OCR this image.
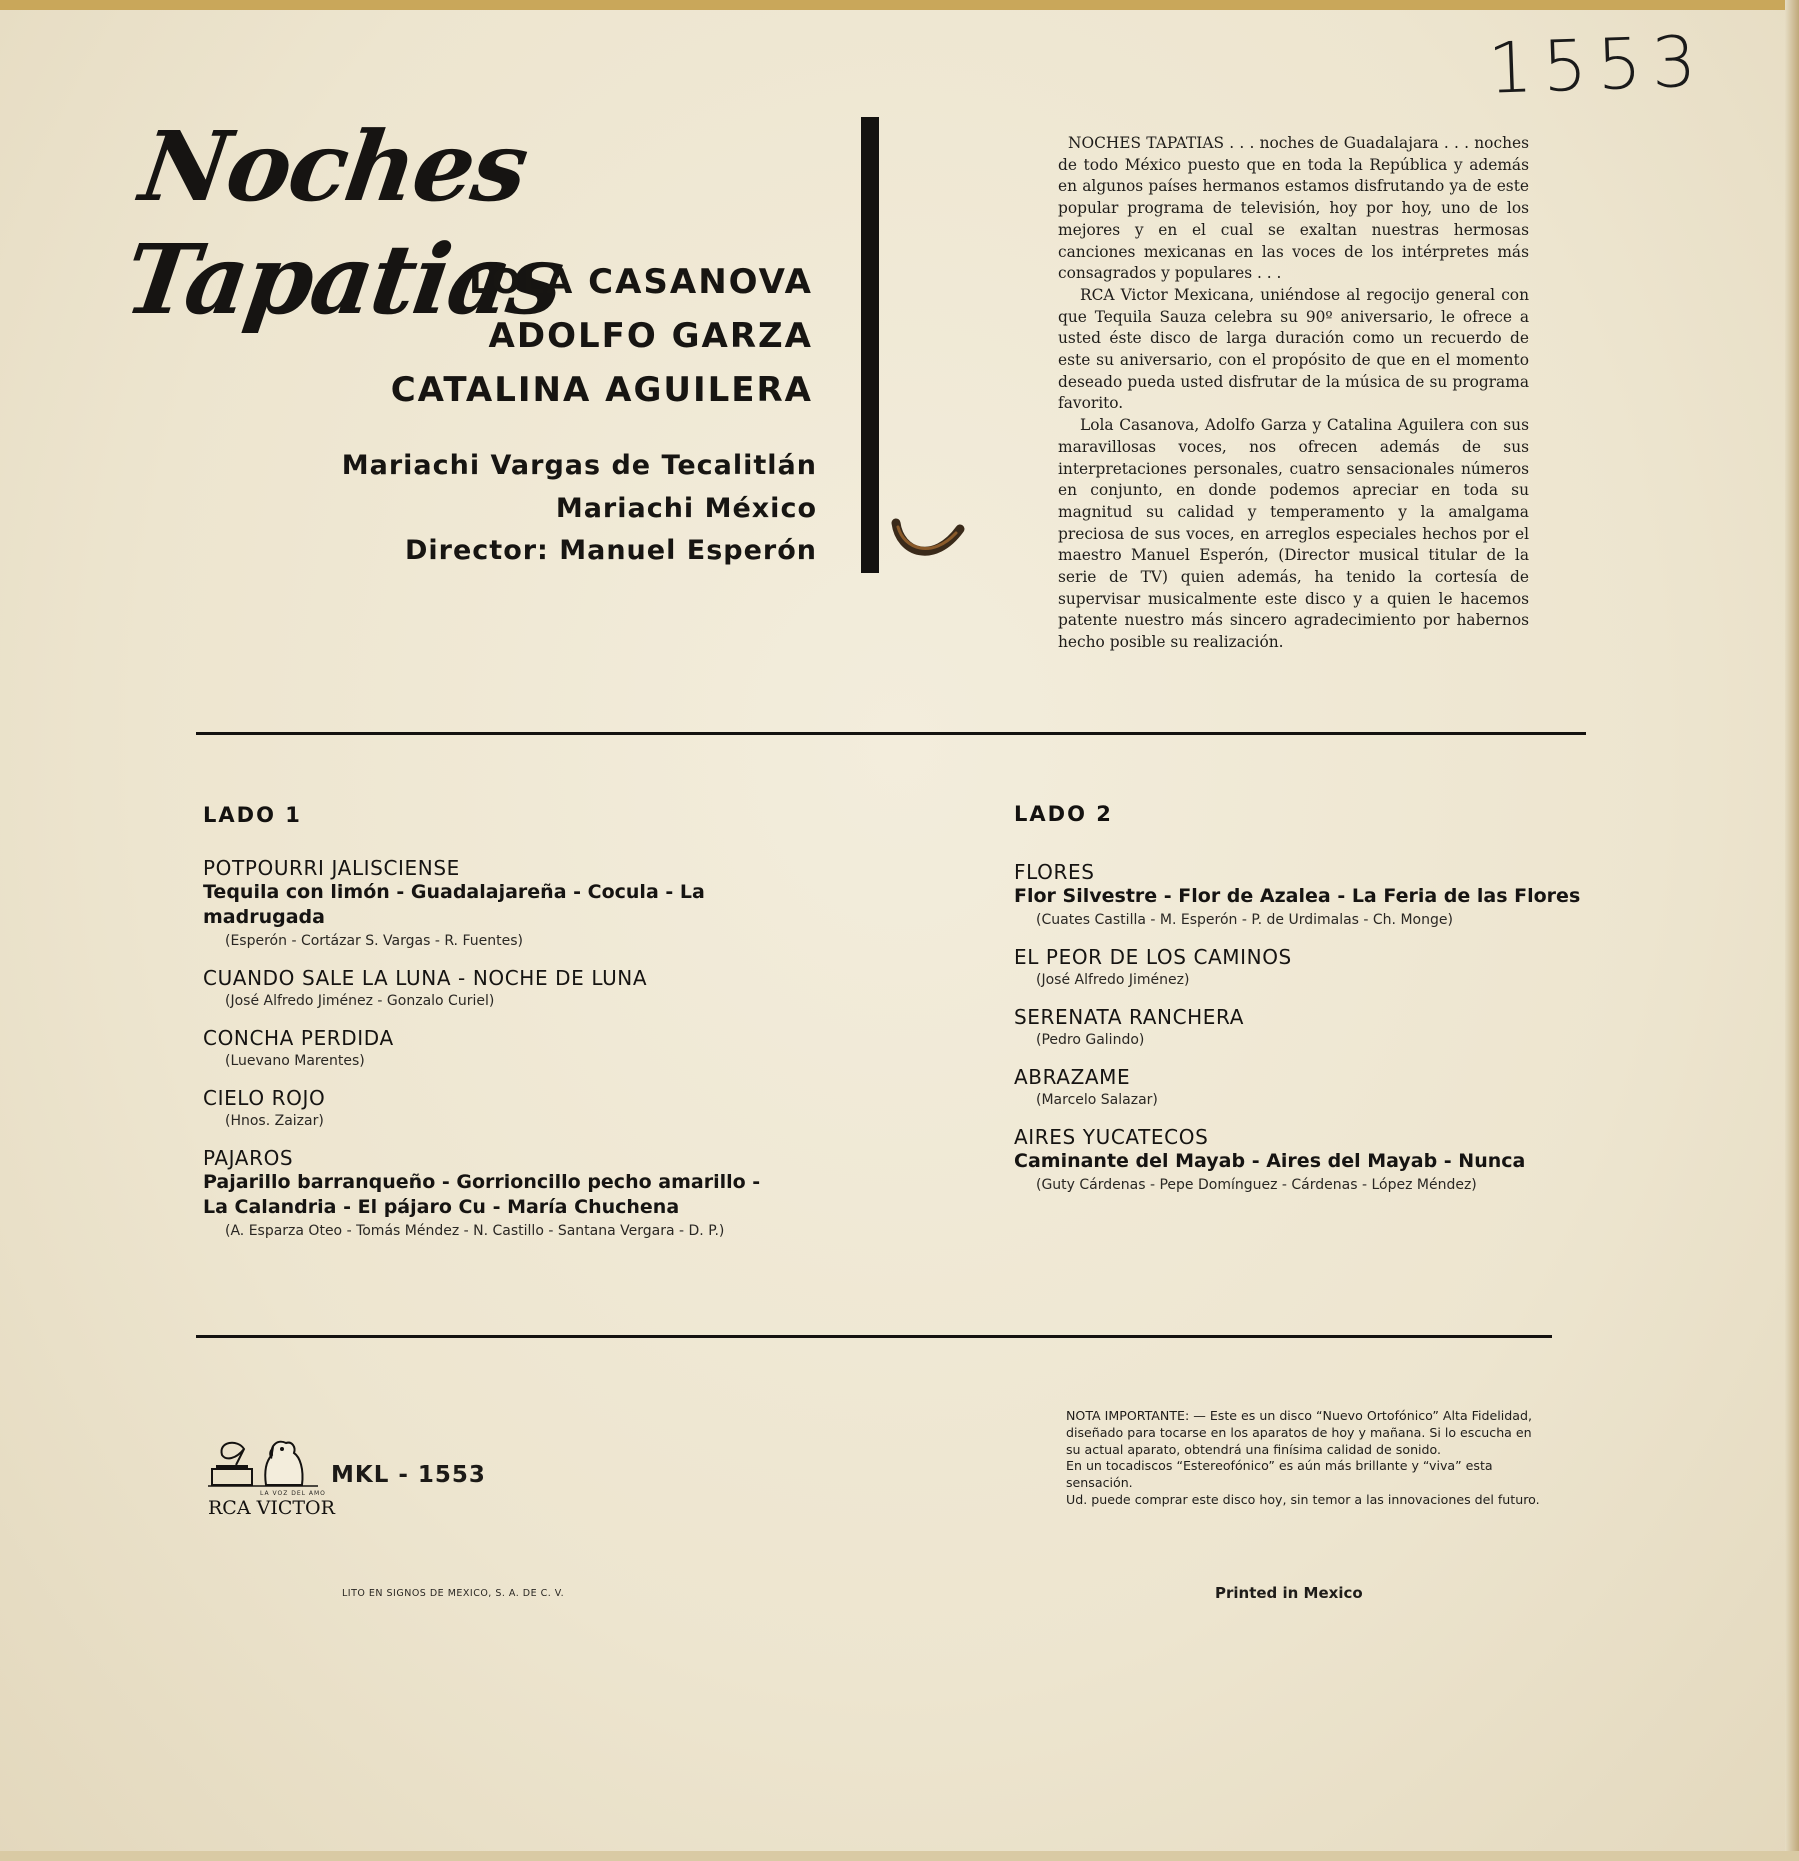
1553
Noches Tapatias
LOLA CASANOVA
ADOLFO GARZA
CATALINA AGUILERA
Mariachi Vargas de Tecalitlán
Mariachi México
Director: Manuel Esperón

NOCHES TAPATIAS . . . noches de Guadalajara . . . noches de todo México puesto que en toda la República y además en algunos países hermanos estamos disfrutando ya de este popular programa de televisión, hoy por hoy, uno de los mejores y en el cual se exaltan nuestras hermosas canciones mexicanas en las voces de los intérpretes más consagrados y populares . . .

RCA Victor Mexicana, uniéndose al regocijo general con que Tequila Sauza celebra su 90º aniversario, le ofrece a usted éste disco de larga duración como un recuerdo de este su aniversario, con el propósito de que en el momento deseado pueda usted disfrutar de la música de su programa favorito.

Lola Casanova, Adolfo Garza y Catalina Aguilera con sus maravillosas voces, nos ofrecen además de sus interpretaciones personales, cuatro sensacionales números en conjunto, en donde podemos apreciar en toda su magnitud su calidad y temperamento y la amalgama preciosa de sus voces, en arreglos especiales hechos por el maestro Manuel Esperón, (Director musical titular de la serie de TV) quien además, ha tenido la cortesía de supervisar musicalmente este disco y a quien le hacemos patente nuestro más sincero agradecimiento por habernos hecho posible su realización.

LADO 1	LADO 2
POTPOURRI JALISCIENSE
Tequila con limón - Guadalajareña - Cocula - La madrugada
(Esperón - Cortázar S. Vargas - R. Fuentes)
CUANDO SALE LA LUNA - NOCHE DE LUNA
(José Alfredo Jiménez - Gonzalo Curiel)
CONCHA PERDIDA
(Luevano Marentes)
CIELO ROJO
(Hnos. Zaizar)
PAJAROS
Pajarillo barranqueño - Gorrioncillo pecho amarillo -
La Calandria - El pájaro Cu - María Chuchena
(A. Esparza Oteo - Tomás Méndez - N. Castillo - Santana Vergara - D. P.)
FLORES
Flor Silvestre - Flor de Azalea - La Feria de las Flores
(Cuates Castilla - M. Esperón - P. de Urdimalas - Ch. Monge)
EL PEOR DE LOS CAMINOS
(José Alfredo Jiménez)
SERENATA RANCHERA
(Pedro Galindo)
ABRAZAME
(Marcelo Salazar)
AIRES YUCATECOS
Caminante del Mayab - Aires del Mayab - Nunca
(Guty Cárdenas - Pepe Domínguez - Cárdenas - López Méndez)
LA VOZ DEL AMO
RCA VICTOR
MKL - 1553

NOTA IMPORTANTE: — Este es un disco “Nuevo Ortofónico” Alta Fidelidad, diseñado para tocarse en los aparatos de hoy y mañana. Si lo escucha en su actual aparato, obtendrá una finísima calidad de sonido.

En un tocadiscos “Estereofónico” es aún más brillante y “viva” esta sensación.

Ud. puede comprar este disco hoy, sin temor a las innovaciones del futuro.

LITO EN SIGNOS DE MEXICO, S. A. DE C. V.	Printed in Mexico
